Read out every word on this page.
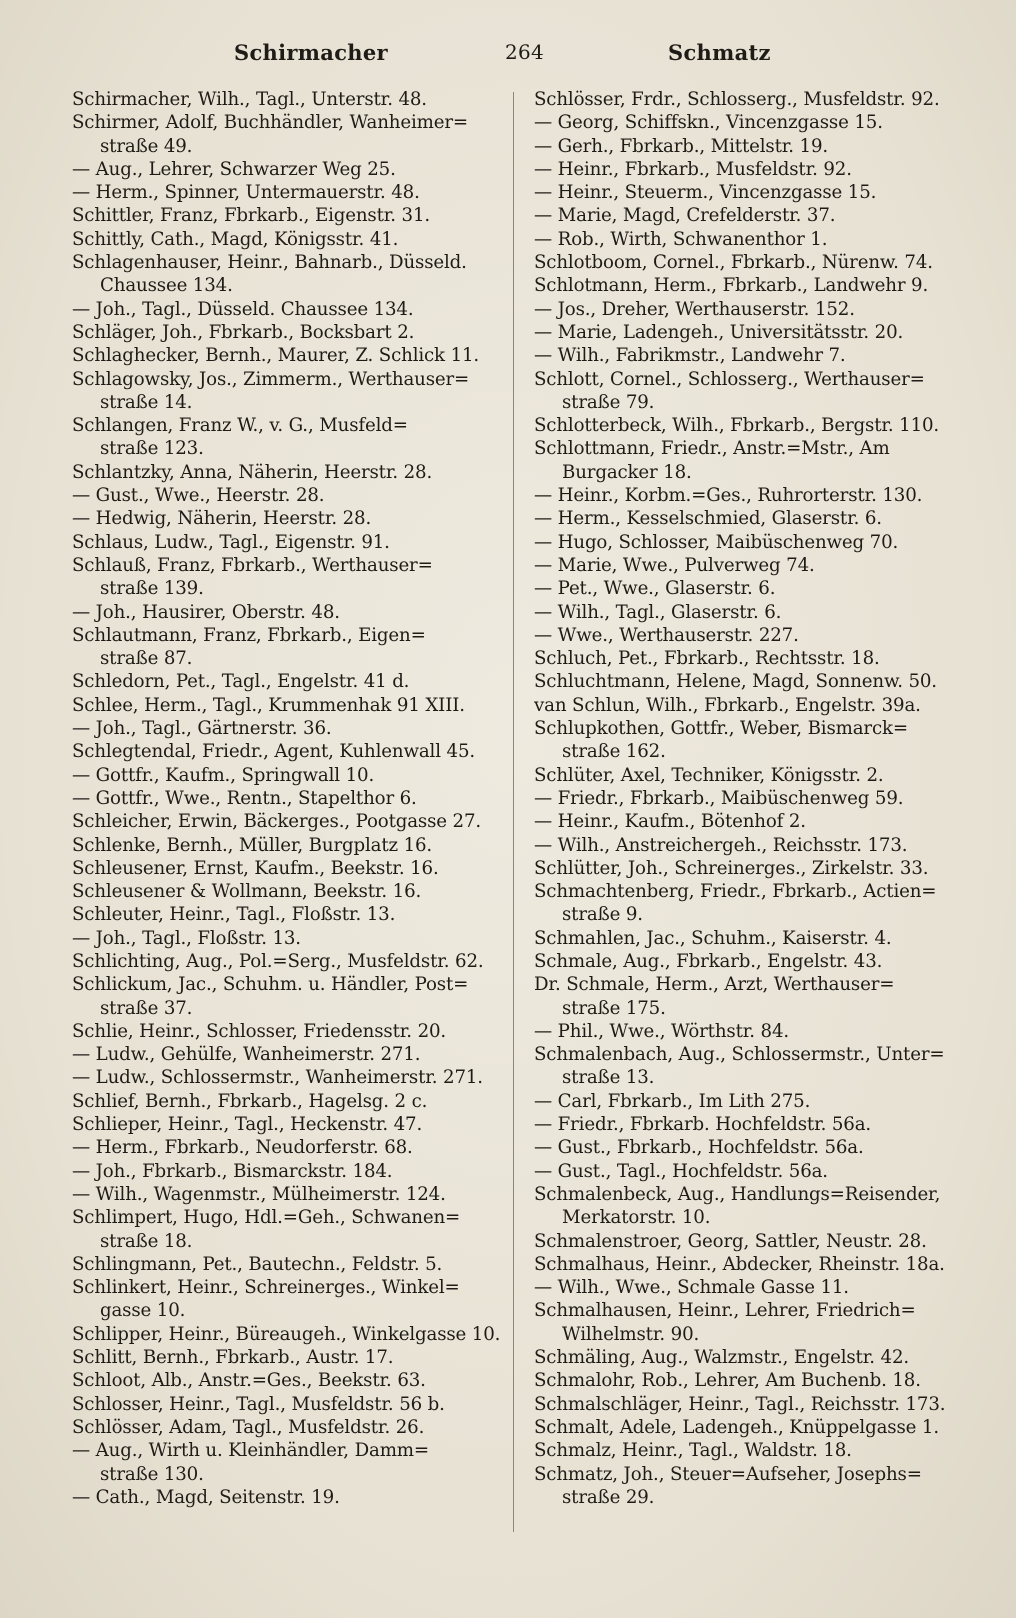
Schirmacher	264	Schmatz
Schirmacher, Wilh., Tagl., Unterstr. 48.
Schirmer, Adolf, Buchhändler, Wanheimer=
straße 49.
— Aug., Lehrer, Schwarzer Weg 25.
— Herm., Spinner, Untermauerstr. 48.
Schittler, Franz, Fbrkarb., Eigenstr. 31.
Schittly, Cath., Magd, Königsstr. 41.
Schlagenhauser, Heinr., Bahnarb., Düsseld.
Chaussee 134.
— Joh., Tagl., Düsseld. Chaussee 134.
Schläger, Joh., Fbrkarb., Bocksbart 2.
Schlaghecker, Bernh., Maurer, Z. Schlick 11.
Schlagowsky, Jos., Zimmerm., Werthauser=
straße 14.
Schlangen, Franz W., v. G., Musfeld=
straße 123.
Schlantzky, Anna, Näherin, Heerstr. 28.
— Gust., Wwe., Heerstr. 28.
— Hedwig, Näherin, Heerstr. 28.
Schlaus, Ludw., Tagl., Eigenstr. 91.
Schlauß, Franz, Fbrkarb., Werthauser=
straße 139.
— Joh., Hausirer, Oberstr. 48.
Schlautmann, Franz, Fbrkarb., Eigen=
straße 87.
Schledorn, Pet., Tagl., Engelstr. 41 d.
Schlee, Herm., Tagl., Krummenhak 91 XIII.
— Joh., Tagl., Gärtnerstr. 36.
Schlegtendal, Friedr., Agent, Kuhlenwall 45.
— Gottfr., Kaufm., Springwall 10.
— Gottfr., Wwe., Rentn., Stapelthor 6.
Schleicher, Erwin, Bäckerges., Pootgasse 27.
Schlenke, Bernh., Müller, Burgplatz 16.
Schleusener, Ernst, Kaufm., Beekstr. 16.
Schleusener & Wollmann, Beekstr. 16.
Schleuter, Heinr., Tagl., Floßstr. 13.
— Joh., Tagl., Floßstr. 13.
Schlichting, Aug., Pol.=Serg., Musfeldstr. 62.
Schlickum, Jac., Schuhm. u. Händler, Post=
straße 37.
Schlie, Heinr., Schlosser, Friedensstr. 20.
— Ludw., Gehülfe, Wanheimerstr. 271.
— Ludw., Schlossermstr., Wanheimerstr. 271.
Schlief, Bernh., Fbrkarb., Hagelsg. 2 c.
Schlieper, Heinr., Tagl., Heckenstr. 47.
— Herm., Fbrkarb., Neudorferstr. 68.
— Joh., Fbrkarb., Bismarckstr. 184.
— Wilh., Wagenmstr., Mülheimerstr. 124.
Schlimpert, Hugo, Hdl.=Geh., Schwanen=
straße 18.
Schlingmann, Pet., Bautechn., Feldstr. 5.
Schlinkert, Heinr., Schreinerges., Winkel=
gasse 10.
Schlipper, Heinr., Büreaugeh., Winkelgasse 10.
Schlitt, Bernh., Fbrkarb., Austr. 17.
Schloot, Alb., Anstr.=Ges., Beekstr. 63.
Schlosser, Heinr., Tagl., Musfeldstr. 56 b.
Schlösser, Adam, Tagl., Musfeldstr. 26.
— Aug., Wirth u. Kleinhändler, Damm=
straße 130.
— Cath., Magd, Seitenstr. 19.
Schlösser, Frdr., Schlosserg., Musfeldstr. 92.
— Georg, Schiffskn., Vincenzgasse 15.
— Gerh., Fbrkarb., Mittelstr. 19.
— Heinr., Fbrkarb., Musfeldstr. 92.
— Heinr., Steuerm., Vincenzgasse 15.
— Marie, Magd, Crefelderstr. 37.
— Rob., Wirth, Schwanenthor 1.
Schlotboom, Cornel., Fbrkarb., Nürenw. 74.
Schlotmann, Herm., Fbrkarb., Landwehr 9.
— Jos., Dreher, Werthauserstr. 152.
— Marie, Ladengeh., Universitätsstr. 20.
— Wilh., Fabrikmstr., Landwehr 7.
Schlott, Cornel., Schlosserg., Werthauser=
straße 79.
Schlotterbeck, Wilh., Fbrkarb., Bergstr. 110.
Schlottmann, Friedr., Anstr.=Mstr., Am
Burgacker 18.
— Heinr., Korbm.=Ges., Ruhrorterstr. 130.
— Herm., Kesselschmied, Glaserstr. 6.
— Hugo, Schlosser, Maibüschenweg 70.
— Marie, Wwe., Pulverweg 74.
— Pet., Wwe., Glaserstr. 6.
— Wilh., Tagl., Glaserstr. 6.
— Wwe., Werthauserstr. 227.
Schluch, Pet., Fbrkarb., Rechtsstr. 18.
Schluchtmann, Helene, Magd, Sonnenw. 50.
van Schlun, Wilh., Fbrkarb., Engelstr. 39a.
Schlupkothen, Gottfr., Weber, Bismarck=
straße 162.
Schlüter, Axel, Techniker, Königsstr. 2.
— Friedr., Fbrkarb., Maibüschenweg 59.
— Heinr., Kaufm., Bötenhof 2.
— Wilh., Anstreichergeh., Reichsstr. 173.
Schlütter, Joh., Schreinerges., Zirkelstr. 33.
Schmachtenberg, Friedr., Fbrkarb., Actien=
straße 9.
Schmahlen, Jac., Schuhm., Kaiserstr. 4.
Schmale, Aug., Fbrkarb., Engelstr. 43.
Dr. Schmale, Herm., Arzt, Werthauser=
straße 175.
— Phil., Wwe., Wörthstr. 84.
Schmalenbach, Aug., Schlossermstr., Unter=
straße 13.
— Carl, Fbrkarb., Im Lith 275.
— Friedr., Fbrkarb. Hochfeldstr. 56a.
— Gust., Fbrkarb., Hochfeldstr. 56a.
— Gust., Tagl., Hochfeldstr. 56a.
Schmalenbeck, Aug., Handlungs=Reisender,
Merkatorstr. 10.
Schmalenstroer, Georg, Sattler, Neustr. 28.
Schmalhaus, Heinr., Abdecker, Rheinstr. 18a.
— Wilh., Wwe., Schmale Gasse 11.
Schmalhausen, Heinr., Lehrer, Friedrich=
Wilhelmstr. 90.
Schmäling, Aug., Walzmstr., Engelstr. 42.
Schmalohr, Rob., Lehrer, Am Buchenb. 18.
Schmalschläger, Heinr., Tagl., Reichsstr. 173.
Schmalt, Adele, Ladengeh., Knüppelgasse 1.
Schmalz, Heinr., Tagl., Waldstr. 18.
Schmatz, Joh., Steuer=Aufseher, Josephs=
straße 29.
